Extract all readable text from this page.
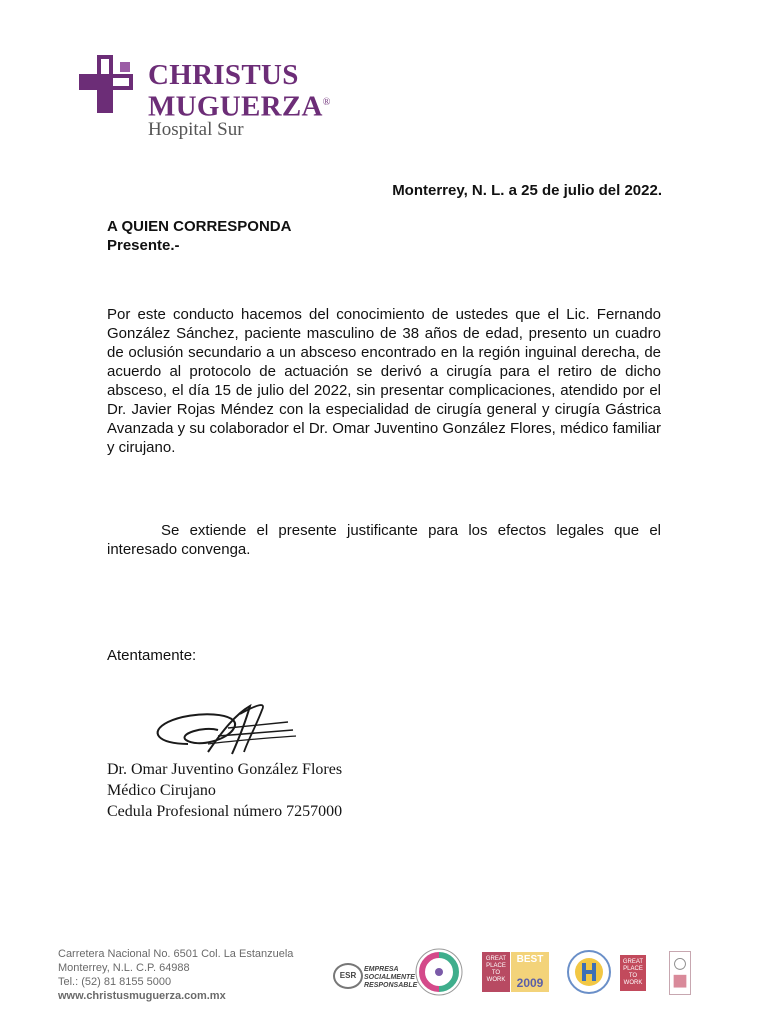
CHRISTUS
MUGUERZA®
Hospital Sur
Monterrey, N. L. a 25 de julio del 2022.
A QUIEN CORRESPONDA
Presente.-
Por este conducto hacemos del conocimiento de ustedes que el Lic. Fernando González Sánchez, paciente masculino de 38 años de edad, presento un cuadro de oclusión secundario a un absceso encontrado en la región inguinal derecha, de acuerdo al protocolo de actuación se derivó a cirugía para el retiro de dicho absceso, el día 15 de julio del 2022, sin presentar complicaciones, atendido por el Dr. Javier Rojas Méndez con la especialidad de cirugía general y cirugía Gástrica Avanzada y su colaborador el Dr. Omar Juventino González Flores, médico familiar y cirujano.
Se extiende el presente justificante para los efectos legales que el interesado convenga.
Atentamente:
Dr. Omar Juventino González Flores
Médico Cirujano
Cedula Profesional número 7257000
Carretera Nacional No. 6501 Col. La Estanzuela
Monterrey, N.L. C.P. 64988
Tel.: (52) 81 8155 5000
www.christusmuguerza.com.mx
ESR
EMPRESA SOCIALMENTE RESPONSABLE
GREAT PLACE TO WORK
BEST
2009
GREAT PLACE TO WORK
